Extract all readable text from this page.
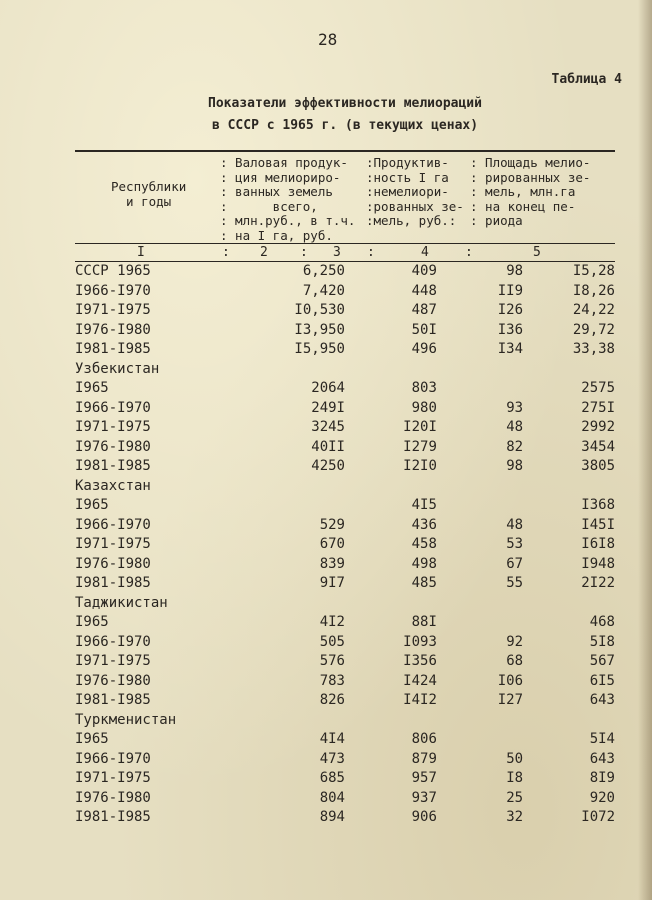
28
Таблица 4
Показатели эффективности мелиораций
в СССР с 1965 г. (в текущих ценах)
Республики
и годы
: Валовая продук-
: ция мелиориро-
: ванных земель
:      всего,
: млн.руб., в т.ч.
: на I га, руб.
:Продуктив-
:ность I га
:немелиори-
:рованных зе-
:мель, руб.:
: Площадь мелио-
: рированных зе-
: мель, млн.га
: на конец пе-
: риода
I	: 2 : 3 :	4	:	5
СССР 1965	6,250	409	98	I5,28
I966-I970	7,420	448	II9	I8,26
I971-I975	I0,530	487	I26	24,22
I976-I980	I3,950	50I	I36	29,72
I981-I985	I5,950	496	I34	33,38
Узбекистан				
I965	2064	803		2575
I966-I970	249I	980	93	275I
I971-I975	3245	I20I	48	2992
I976-I980	40II	I279	82	3454
I981-I985	4250	I2I0	98	3805
Казахстан				
I965		4I5		I368
I966-I970	529	436	48	I45I
I971-I975	670	458	53	I6I8
I976-I980	839	498	67	I948
I981-I985	9I7	485	55	2I22
Таджикистан				
I965	4I2	88I		468
I966-I970	505	I093	92	5I8
I971-I975	576	I356	68	567
I976-I980	783	I424	I06	6I5
I981-I985	826	I4I2	I27	643
Туркменистан				
I965	4I4	806		5I4
I966-I970	473	879	50	643
I971-I975	685	957	I8	8I9
I976-I980	804	937	25	920
I981-I985	894	906	32	I072
